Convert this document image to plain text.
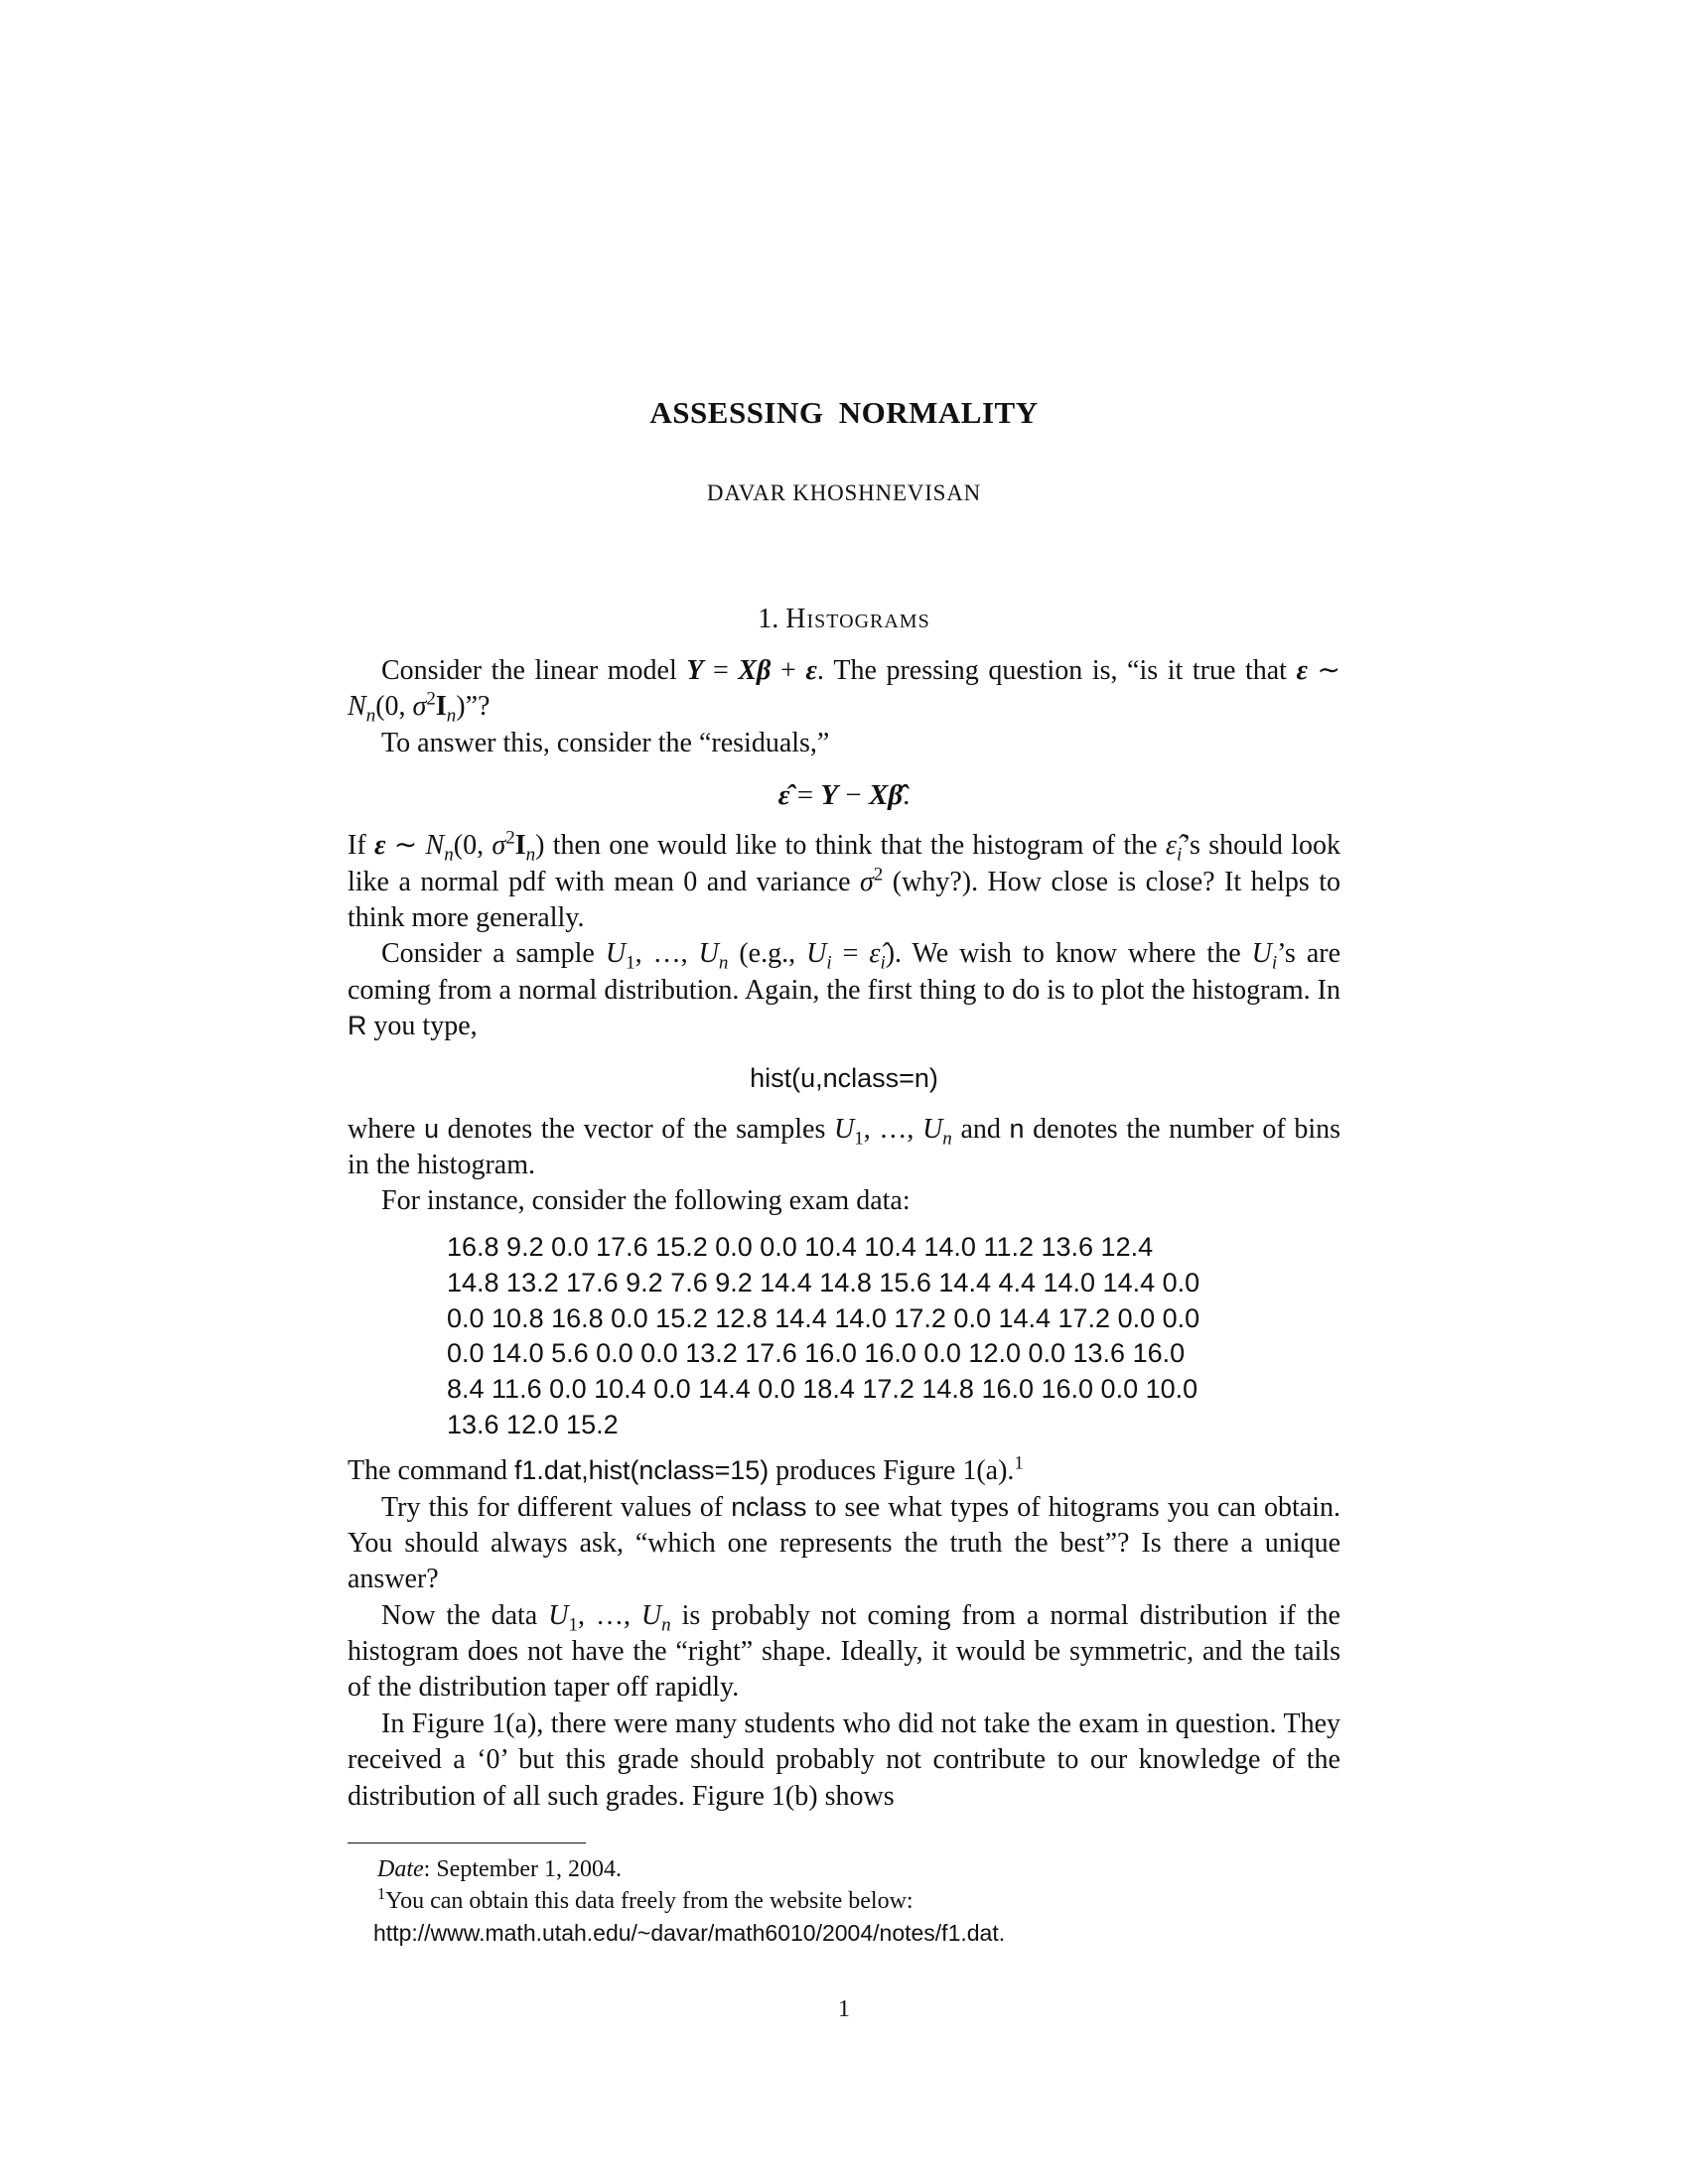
ASSESSING NORMALITY
DAVAR KHOSHNEVISAN
1. Histograms

Consider the linear model Y = Xβ + ε. The pressing question is, “is it true that ε ∼ $N_n(0$, $\sigma^2I_n$)”?

To answer this, consider the “residuals,”

ε̂ = Y − Xβ̂.

If ε ∼ $N_n(0$, $\sigma^2I_n$) then one would like to think that the histogram of the $\varepsilon̂_i’s$ should look like a normal pdf with mean 0 and variance $\sigma^2$ (why?). How close is close? It helps to think more generally.

Consider a sample $U_1$, …, $U_n$ (e.g., $U_i$ = $\varepsilon̂_i$). We wish to know where the $U_i’s$ are coming from a normal distribution. Again, the first thing to do is to plot the histogram. In R you type,

hist(u,nclass=n)

where u denotes the vector of the samples $U_1$, …, $U_n$ and n denotes the number of bins in the histogram.

For instance, consider the following exam data:

16.8 9.2 0.0 17.6 15.2 0.0 0.0 10.4 10.4 14.0 11.2 13.6 12.4
14.8 13.2 17.6 9.2 7.6 9.2 14.4 14.8 15.6 14.4 4.4 14.0 14.4 0.0
0.0 10.8 16.8 0.0 15.2 12.8 14.4 14.0 17.2 0.0 14.4 17.2 0.0 0.0
0.0 14.0 5.6 0.0 0.0 13.2 17.6 16.0 16.0 0.0 12.0 0.0 13.6 16.0
8.4 11.6 0.0 10.4 0.0 14.4 0.0 18.4 17.2 14.8 16.0 16.0 0.0 10.0
13.6 12.0 15.2

The command f1.dat,hist(nclass=15) produces Figure 1(a).$^1$

Try this for different values of nclass to see what types of hitograms you can obtain. You should always ask, “which one represents the truth the best”? Is there a unique answer?

Now the data $U_1$, …, $U_n$ is probably not coming from a normal distribution if the histogram does not have the “right” shape. Ideally, it would be symmetric, and the tails of the distribution taper off rapidly.

In Figure 1(a), there were many students who did not take the exam in question. They received a ‘0’ but this grade should probably not contribute to our knowledge of the distribution of all such grades. Figure 1(b) shows

Date: September 1, 2004.
$^1$You can obtain this data freely from the website below:
http://www.math.utah.edu/~davar/math6010/2004/notes/f1.dat.
1
